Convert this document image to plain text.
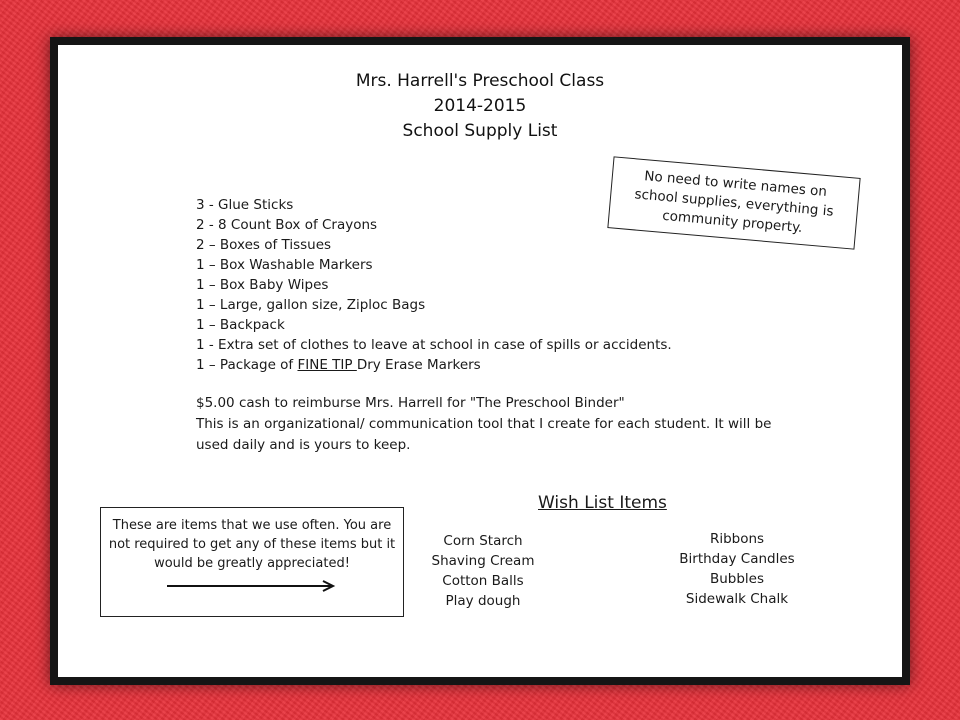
Mrs. Harrell's Preschool Class
2014-2015
School Supply List
No need to write names on school supplies, everything is community property.
3 - Glue Sticks
2 - 8 Count Box of Crayons
2 – Boxes of Tissues
1 – Box Washable Markers
1 – Box Baby Wipes
1 – Large, gallon size, Ziploc Bags
1 – Backpack
1 - Extra set of clothes to leave at school in case of spills or accidents.
1 – Package of FINE TIP Dry Erase Markers
$5.00 cash to reimburse Mrs. Harrell for "The Preschool Binder"
This is an organizational/ communication tool that I create for each student. It will be used daily and is yours to keep.
Wish List Items
These are items that we use often. You are not required to get any of these items but it would be greatly appreciated!
Corn Starch
Shaving Cream
Cotton Balls
Play dough
Ribbons
Birthday Candles
Bubbles
Sidewalk Chalk
